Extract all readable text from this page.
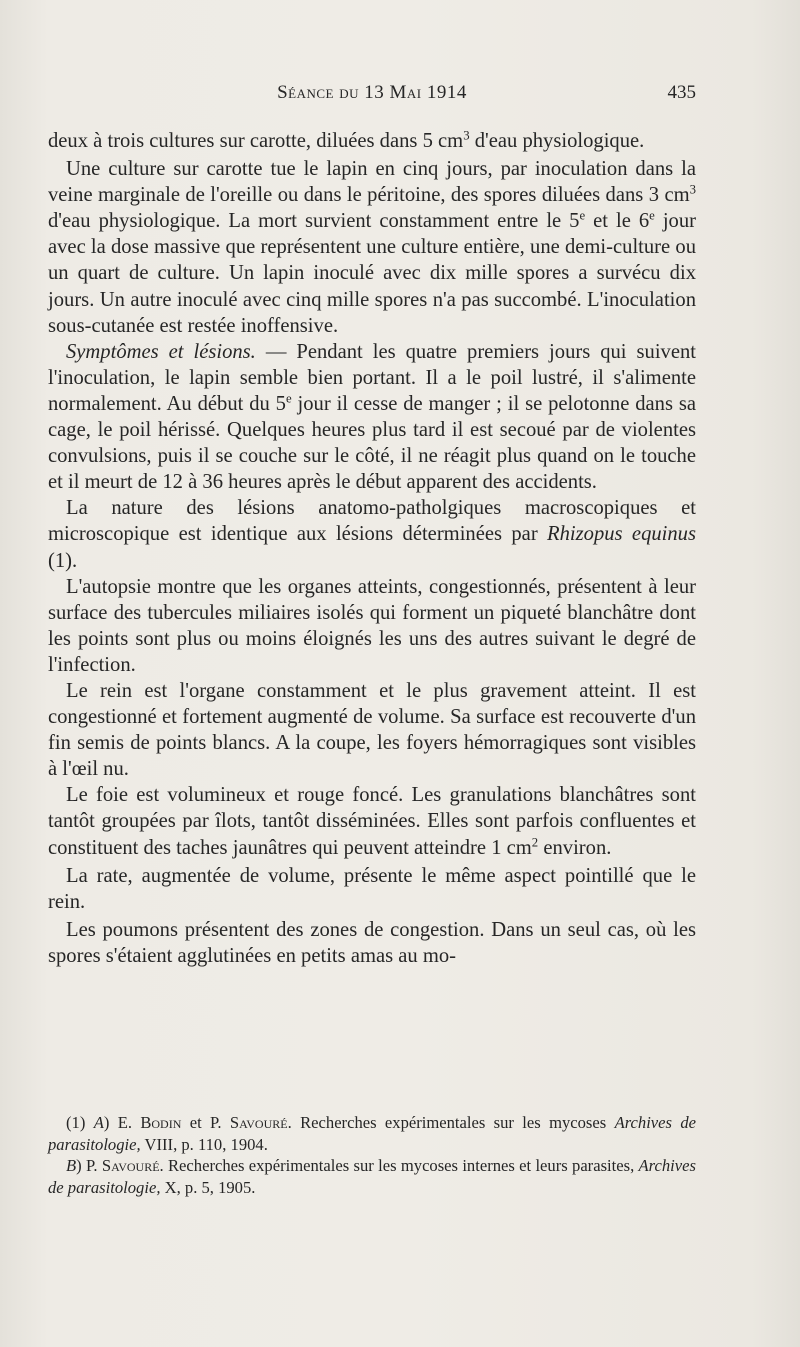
Séance du 13 Mai 1914	435

deux à trois cultures sur carotte, diluées dans 5 $cm^3$ d'eau physiologique.

Une culture sur carotte tue le lapin en cinq jours, par inoculation dans la veine marginale de l'oreille ou dans le péritoine, des spores diluées dans 3 $cm^3$ d'eau physiologique. La mort survient constamment entre le 5e et le 6e jour avec la dose massive que représentent une culture entière, une demi-culture ou un quart de culture. Un lapin inoculé avec dix mille spores a survécu dix jours. Un autre inoculé avec cinq mille spores n'a pas succombé. L'inoculation sous-cutanée est restée inoffensive.

Symptômes et lésions. — Pendant les quatre premiers jours qui suivent l'inoculation, le lapin semble bien portant. Il a le poil lustré, il s'alimente normalement. Au début du 5e jour il cesse de manger ; il se pelotonne dans sa cage, le poil hérissé. Quelques heures plus tard il est secoué par de violentes convulsions, puis il se couche sur le côté, il ne réagit plus quand on le touche et il meurt de 12 à 36 heures après le début apparent des accidents.

La nature des lésions anatomo-patholgiques macroscopiques et microscopique est identique aux lésions déterminées par Rhizopus equinus (1).

L'autopsie montre que les organes atteints, congestionnés, présentent à leur surface des tubercules miliaires isolés qui forment un piqueté blanchâtre dont les points sont plus ou moins éloignés les uns des autres suivant le degré de l'infection.

Le rein est l'organe constamment et le plus gravement atteint. Il est congestionné et fortement augmenté de volume. Sa surface est recouverte d'un fin semis de points blancs. A la coupe, les foyers hémorragiques sont visibles à l'œil nu.

Le foie est volumineux et rouge foncé. Les granulations blanchâtres sont tantôt groupées par îlots, tantôt disséminées. Elles sont parfois confluentes et constituent des taches jaunâtres qui peuvent atteindre 1 $cm^2$ environ.

La rate, augmentée de volume, présente le même aspect pointillé que le rein.

Les poumons présentent des zones de congestion. Dans un seul cas, où les spores s'étaient agglutinées en petits amas au mo-

(1) A) E. Bodin et P. Savouré. Recherches expérimentales sur les mycoses Archives de parasitologie, VIII, p. 110, 1904.

B) P. Savouré. Recherches expérimentales sur les mycoses internes et leurs parasites, Archives de parasitologie, X, p. 5, 1905.
